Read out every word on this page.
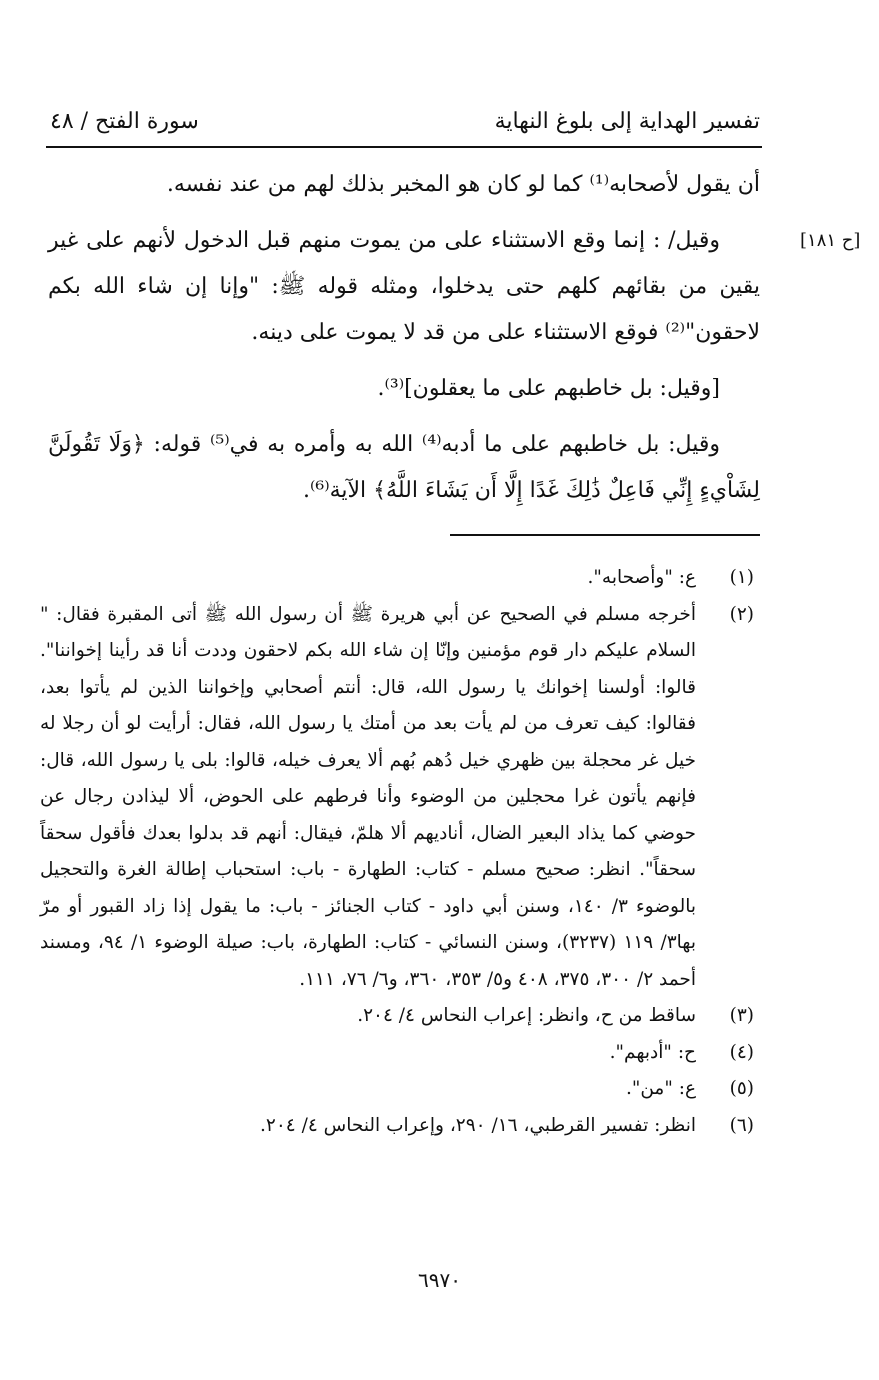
تفسير الهداية إلى بلوغ النهاية
سورة الفتح / ٤٨
[ح ١٨١]

أن يقول لأصحابه⁽¹⁾ كما لو كان هو المخبر بذلك لهم من عند نفسه.

وقيل/ : إنما وقع الاستثناء على من يموت منهم قبل الدخول لأنهم على غير يقين من بقائهم كلهم حتى يدخلوا، ومثله قوله ﷺ: "وإنا إن شاء الله بكم لاحقون"⁽²⁾ فوقع الاستثناء على من قد لا يموت على دينه.

[وقيل: بل خاطبهم على ما يعقلون]⁽³⁾.

وقيل: بل خاطبهم على ما أدبه⁽⁴⁾ الله به وأمره به في⁽⁵⁾ قوله: ﴿وَلَا تَقُولَنَّ لِشَاْيءٍ إِنِّي فَاعِلٌ ذَٰلِكَ غَدًا إِلَّا أَن يَشَاءَ اللَّهُ﴾ الآية⁽⁶⁾.

(١)
ع: "وأصحابه".
(٢)
أخرجه مسلم في الصحيح عن أبي هريرة ﷺ أن رسول الله ﷺ أتى المقبرة فقال: " السلام عليكم دار قوم مؤمنين وإنّا إن شاء الله بكم لاحقون وددت أنا قد رأينا إخواننا". قالوا: أولسنا إخوانك يا رسول الله، قال: أنتم أصحابي وإخواننا الذين لم يأتوا بعد، فقالوا: كيف تعرف من لم يأت بعد من أمتك يا رسول الله، فقال: أرأيت لو أن رجلا له خيل غر محجلة بين ظهري خيل دُهم بُهم ألا يعرف خيله، قالوا: بلى يا رسول الله، قال: فإنهم يأتون غرا محجلين من الوضوء وأنا فرطهم على الحوض، ألا ليذادن رجال عن حوضي كما يذاد البعير الضال، أناديهم ألا هلمّ، فيقال: أنهم قد بدلوا بعدك فأقول سحقاً سحقاً". انظر: صحيح مسلم - كتاب: الطهارة - باب: استحباب إطالة الغرة والتحجيل بالوضوء ٣/ ١٤٠، وسنن أبي داود - كتاب الجنائز - باب: ما يقول إذا زاد القبور أو مرّ بها٣/ ١١٩ (٣٢٣٧)، وسنن النسائي - كتاب: الطهارة، باب: صيلة الوضوء ١/ ٩٤، ومسند أحمد ٢/ ٣٠٠، ٣٧٥، ٤٠٨ و٥/ ٣٥٣، ٣٦٠، و٦/ ٧٦، ١١١.
(٣)
ساقط من ح، وانظر: إعراب النحاس ٤/ ٢٠٤.
(٤)
ح: "أدبهم".
(٥)
ع: "من".
(٦)
انظر: تفسير القرطبي، ١٦/ ٢٩٠، وإعراب النحاس ٤/ ٢٠٤.
٦٩٧٠
